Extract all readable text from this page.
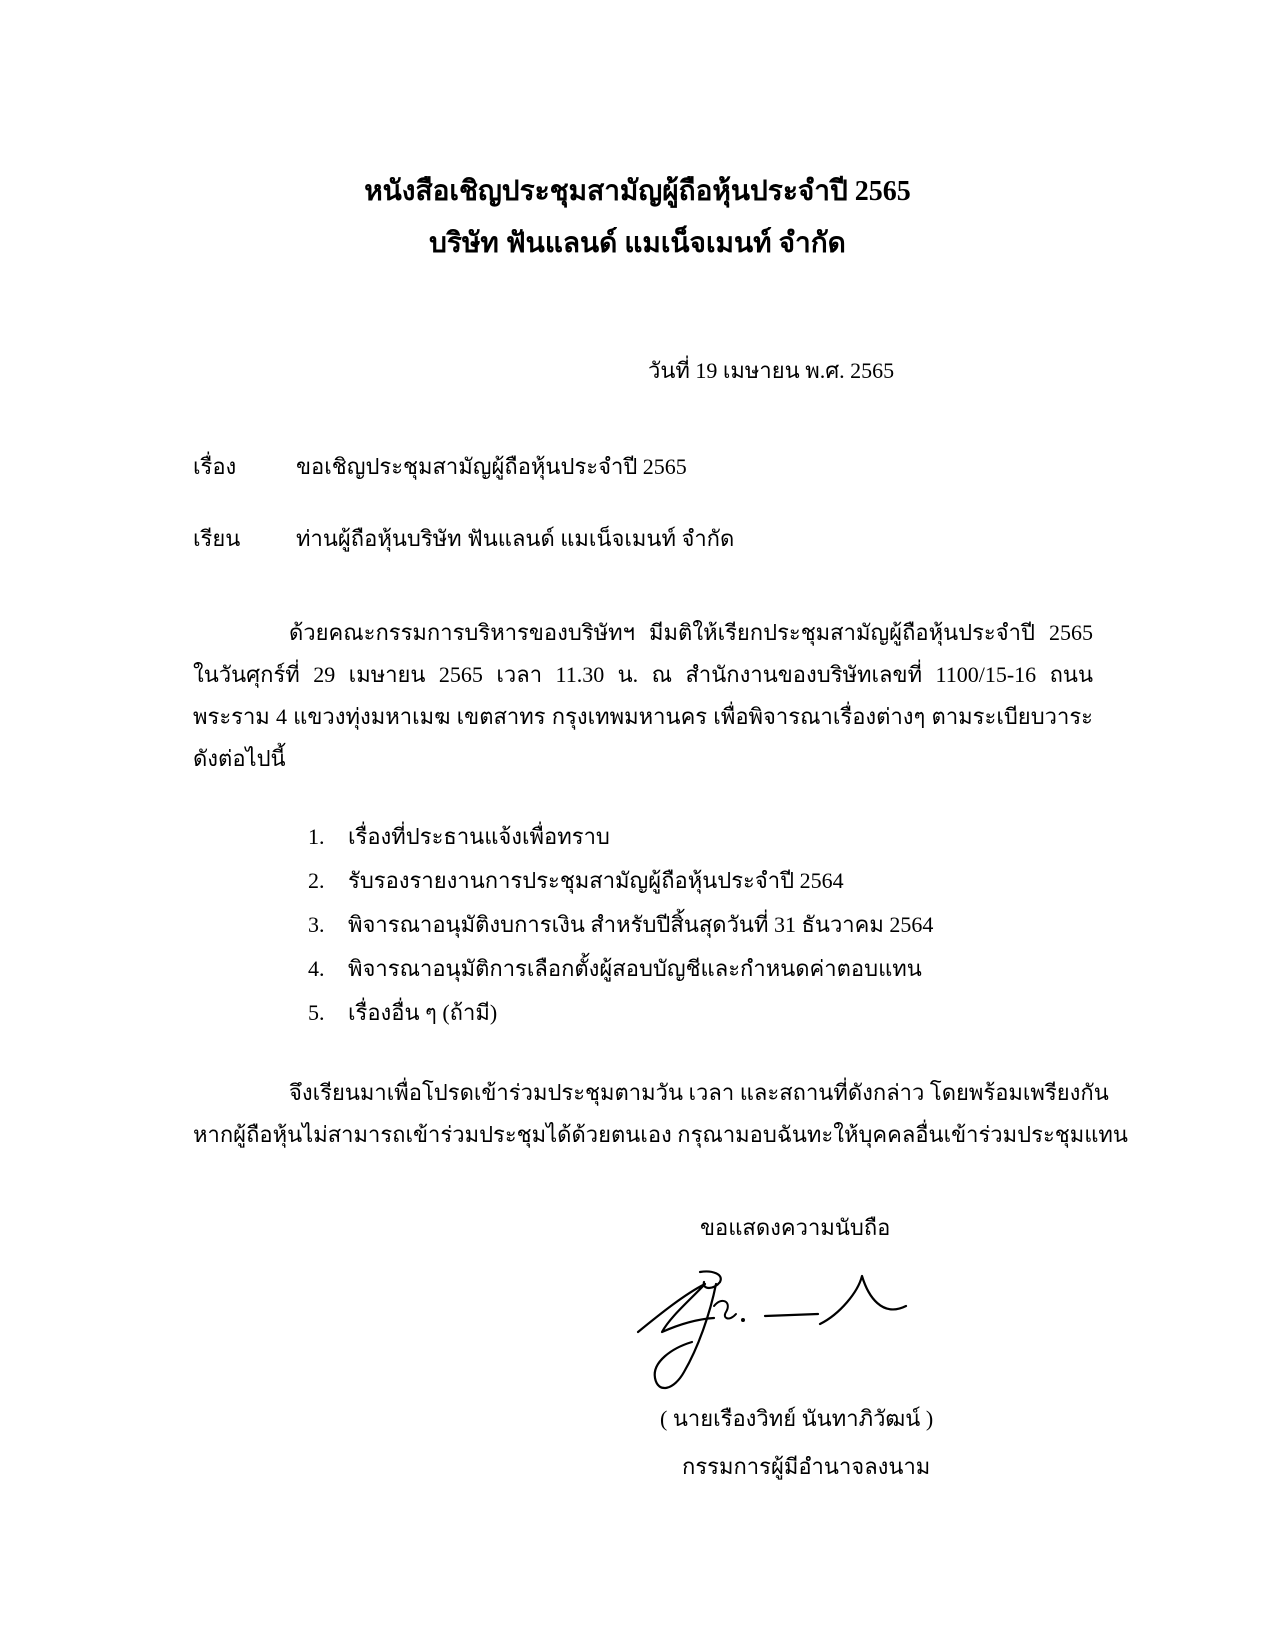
หนังสือเชิญประชุมสามัญผู้ถือหุ้นประจำปี 2565
บริษัท ฟันแลนด์ แมเน็จเมนท์ จำกัด
วันที่ 19 เมษายน พ.ศ. 2565
เรื่อง	ขอเชิญประชุมสามัญผู้ถือหุ้นประจำปี 2565
เรียน	ท่านผู้ถือหุ้นบริษัท ฟันแลนด์ แมเน็จเมนท์ จำกัด
ด้วยคณะกรรมการบริหารของบริษัทฯ มีมติให้เรียกประชุมสามัญผู้ถือหุ้นประจำปี 2565
ในวันศุกร์ที่ 29 เมษายน 2565 เวลา 11.30 น. ณ สำนักงานของบริษัทเลขที่ 1100/15-16 ถนน
พระราม 4 แขวงทุ่งมหาเมฆ เขตสาทร กรุงเทพมหานคร เพื่อพิจารณาเรื่องต่างๆ ตามระเบียบวาระ
ดังต่อไปนี้
1. เรื่องที่ประธานแจ้งเพื่อทราบ
2. รับรองรายงานการประชุมสามัญผู้ถือหุ้นประจำปี 2564
3. พิจารณาอนุมัติงบการเงิน สำหรับปีสิ้นสุดวันที่ 31 ธันวาคม 2564
4. พิจารณาอนุมัติการเลือกตั้งผู้สอบบัญชีและกำหนดค่าตอบแทน
5. เรื่องอื่น ๆ (ถ้ามี)
จึงเรียนมาเพื่อโปรดเข้าร่วมประชุมตามวัน เวลา และสถานที่ดังกล่าว โดยพร้อมเพรียงกัน
หากผู้ถือหุ้นไม่สามารถเข้าร่วมประชุมได้ด้วยตนเอง กรุณามอบฉันทะให้บุคคลอื่นเข้าร่วมประชุมแทน
ขอแสดงความนับถือ
( นายเรืองวิทย์ นันทาภิวัฒน์ )
กรรมการผู้มีอำนาจลงนาม
